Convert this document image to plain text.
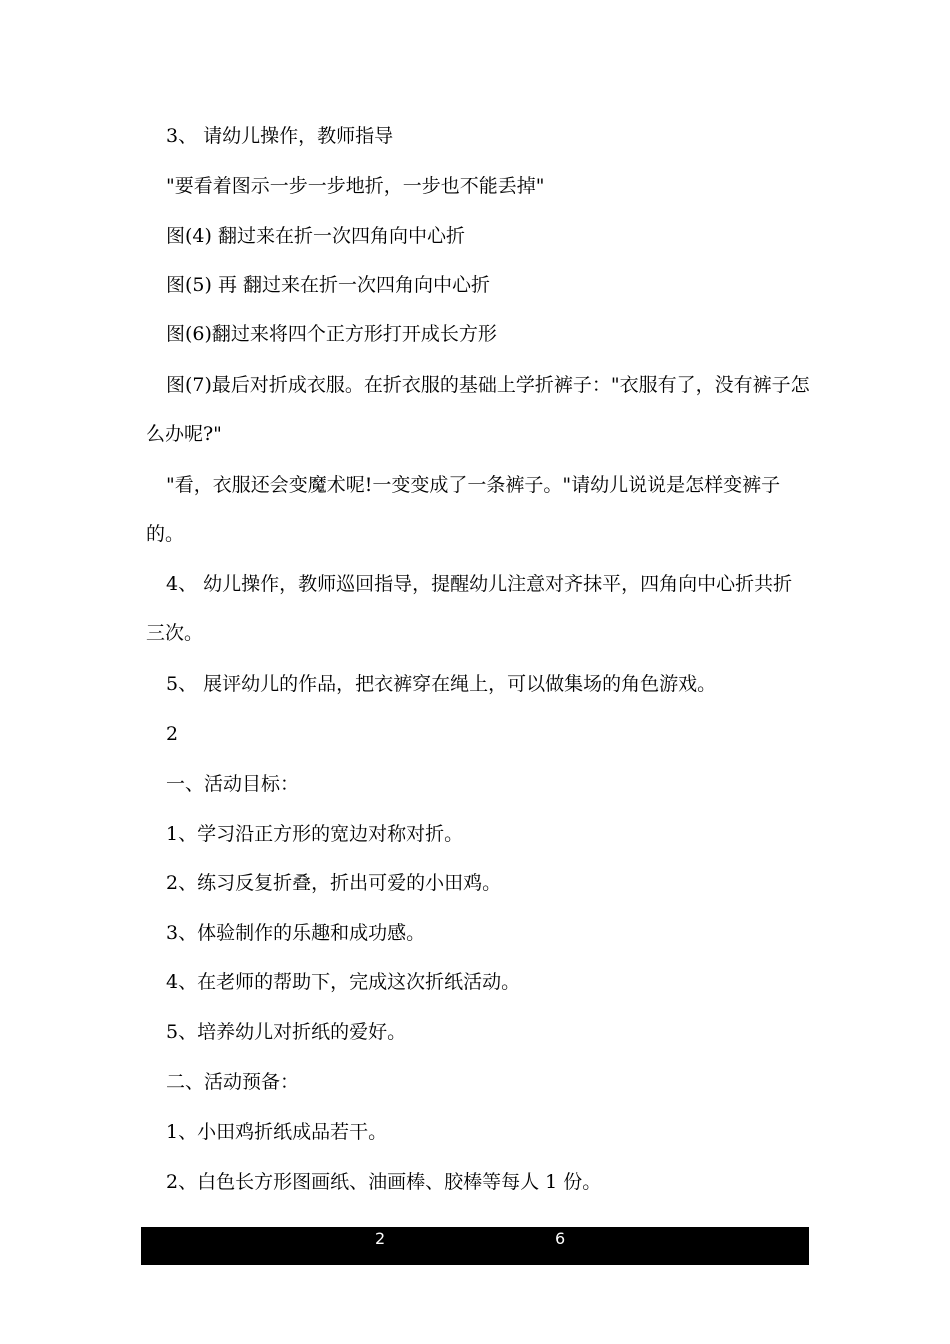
3、 请幼儿操作，教师指导

"要看着图示一步一步地折，一步也不能丢掉"

图(4) 翻过来在折一次四角向中心折

图(5) 再 翻过来在折一次四角向中心折

图(6)翻过来将四个正方形打开成长方形

图(7)最后对折成衣服。在折衣服的基础上学折裤子："衣服有了，没有裤子怎么办呢?"

"看，衣服还会变魔术呢!一变变成了一条裤子。"请幼儿说说是怎样变裤子的。

4、 幼儿操作，教师巡回指导，提醒幼儿注意对齐抹平，四角向中心折共折三次。

5、 展评幼儿的作品，把衣裤穿在绳上，可以做集场的角色游戏。

2

一、活动目标：

1、学习沿正方形的宽边对称对折。

2、练习反复折叠，折出可爱的小田鸡。

3、体验制作的乐趣和成功感。

4、在老师的帮助下，完成这次折纸活动。

5、培养幼儿对折纸的爱好。

二、活动预备：

1、小田鸡折纸成品若干。

2、白色长方形图画纸、油画棒、胶棒等每人 1 份。

2	6
